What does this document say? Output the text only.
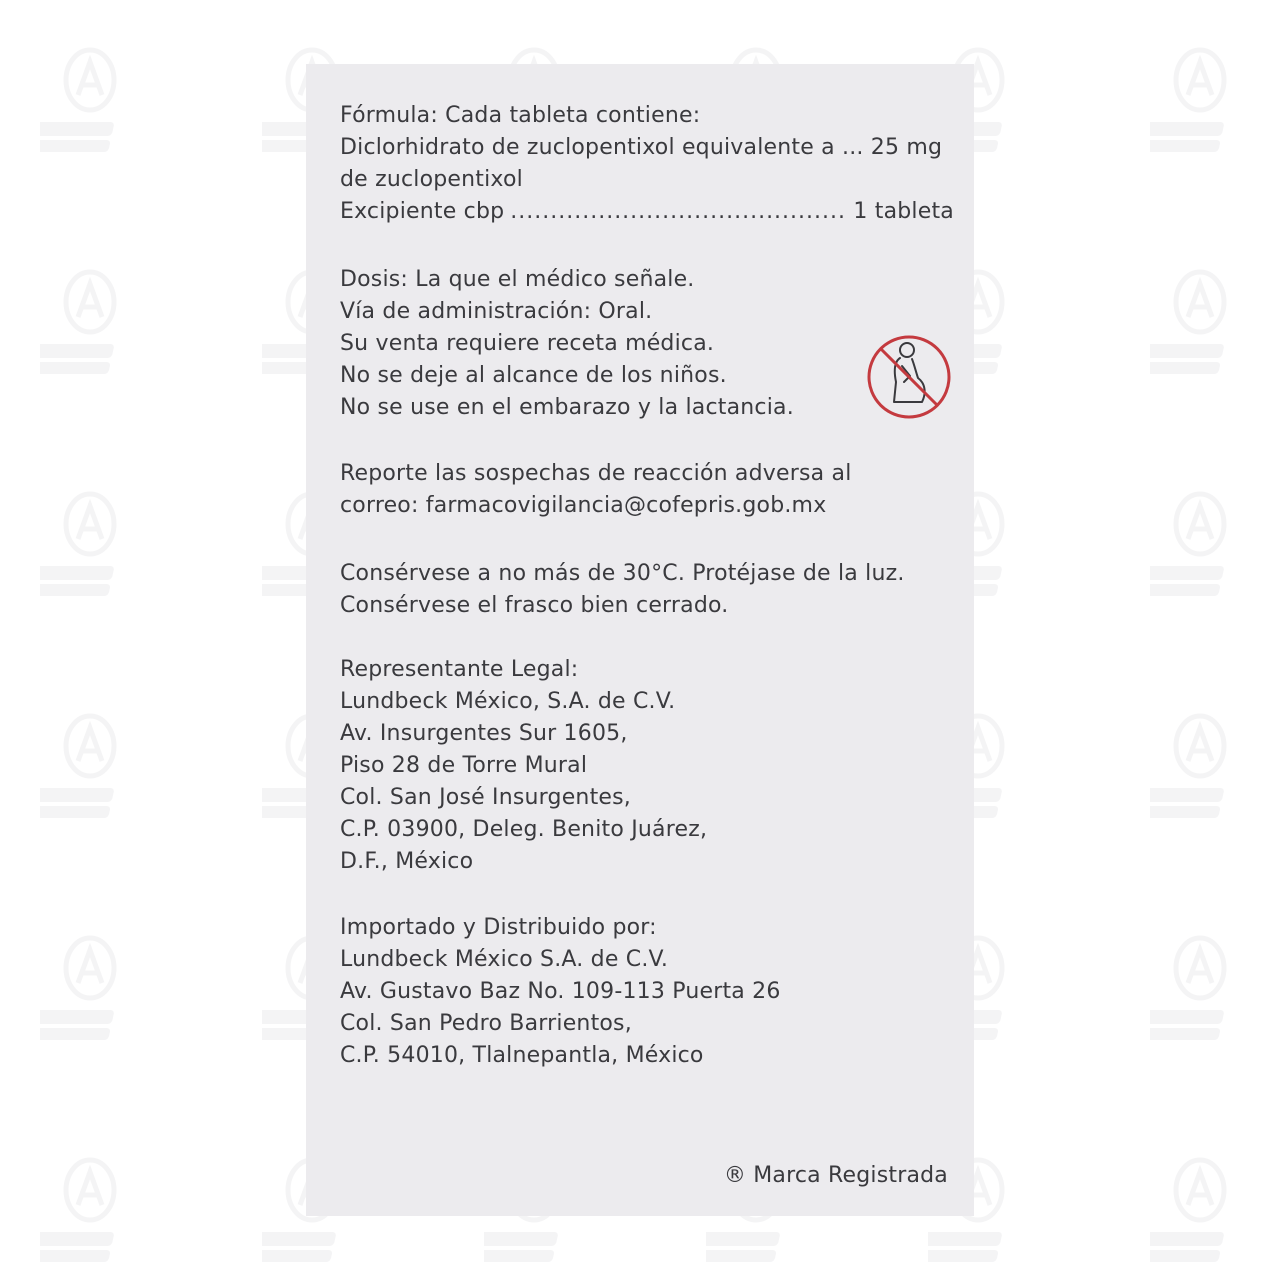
Fórmula: Cada tableta contiene:
Diclorhidrato de zuclopentixol equivalente a ... 25 mg
de zuclopentixol
Excipiente cbp
.....	1 tableta
Dosis: La que el médico señale.
Vía de administración: Oral.
Su venta requiere receta médica.
No se deje al alcance de los niños.
No se use en el embarazo y la lactancia.
Reporte las sospechas de reacción adversa al
correo: farmacovigilancia@cofepris.gob.mx
Consérvese a no más de 30°C. Protéjase de la luz.
Consérvese el frasco bien cerrado.
Representante Legal:
Lundbeck México, S.A. de C.V.
Av. Insurgentes Sur 1605,
Piso 28 de Torre Mural
Col. San José Insurgentes,
C.P. 03900, Deleg. Benito Juárez,
D.F., México
Importado y Distribuido por:
Lundbeck México S.A. de C.V.
Av. Gustavo Baz No. 109-113 Puerta 26
Col. San Pedro Barrientos,
C.P. 54010, Tlalnepantla, México
® Marca Registrada
